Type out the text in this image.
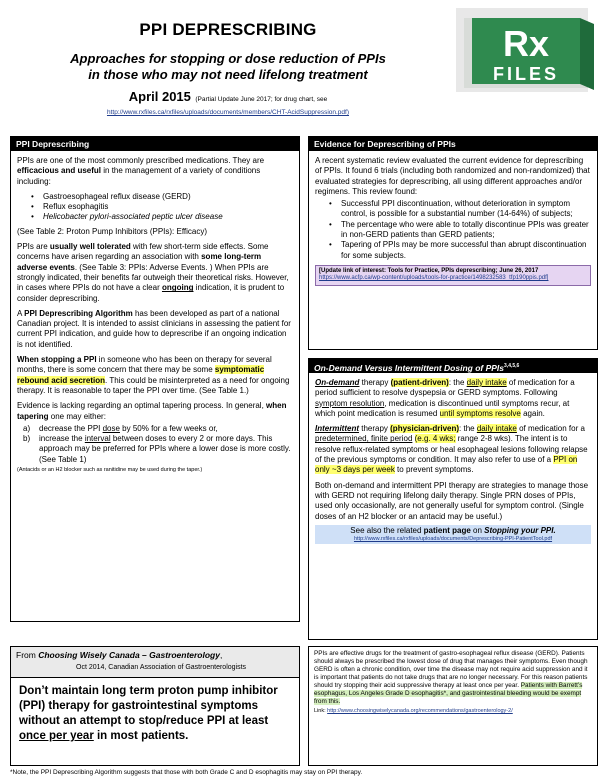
PPI DEPRESCRIBING
Approaches for stopping or dose reduction of PPIs
in those who may not need lifelong treatment
April 2015 (Partial Update June 2017; for drug chart, see
http://www.rxfiles.ca/rxfiles/uploads/documents/members/CHT-AcidSuppression.pdf)
Rx
FILES
PPI Deprescribing

PPIs are one of the most commonly prescribed medications. They are efficacious and useful in the management of a variety of conditions including:

• Gastroesophageal reflux disease (GERD)
• Reflux esophagitis
• Helicobacter pylori-associated peptic ulcer disease

(See Table 2: Proton Pump Inhibitors (PPIs): Efficacy)

PPIs are usually well tolerated with few short-term side effects. Some concerns have arisen regarding an association with some long-term adverse events. (See Table 3: PPIs: Adverse Events. ) When PPIs are strongly indicated, their benefits far outweigh their theoretical risks. However, in cases where PPIs do not have a clear ongoing indication, it is prudent to consider deprescribing.

A PPI Deprescribing Algorithm has been developed as part of a national Canadian project. It is intended to assist clinicians in assessing the patient for current PPI indication, and guide how to deprescribe if an ongoing indication is not identified.

When stopping a PPI in someone who has been on therapy for several months, there is some concern that there may be some symptomatic rebound acid secretion. This could be misinterpreted as a need for ongoing therapy. It is reasonable to taper the PPI over time. (See Table 1.)

Evidence is lacking regarding an optimal tapering process. In general, when tapering one may either:

a) decrease the PPI dose by 50% for a few weeks or,
b) increase the interval between doses to every 2 or more days. This approach may be preferred for PPIs where a lower dose is more costly. (See Table 1)
(Antacids or an H2 blocker such as ranitidine may be used during the taper.)
Evidence for Deprescribing of PPIs

A recent systematic review evaluated the current evidence for deprescribing of PPIs. It found 6 trials (including both randomized and non-randomized) that evaluated strategies for deprescribing, all using different approaches and/or regimens. This review found:

• Successful PPI discontinuation, without deterioration in symptom control, is possible for a substantial number (14-64%) of subjects;
• The percentage who were able to totally discontinue PPIs was greater in non-GERD patients than GERD patients;
• Tapering of PPIs may be more successful than abrupt discontinuation for some subjects.
[Update link of interest: Tools for Practice, PPIs deprescribing; June 26, 2017
https://www.acfp.ca/wp-content/uploads/tools-for-practice/1498232583_tfp190ppis.pdf]
On-Demand Versus Intermittent Dosing of PPIs$^{3,4,5,6}$

On-demand therapy (patient-driven): the daily intake of medication for a period sufficient to resolve dyspepsia or GERD symptoms. Following symptom resolution, medication is discontinued until symptoms recur, at which point medication is resumed until symptoms resolve again.

Intermittent therapy (physician-driven): the daily intake of medication for a predetermined, finite period (e.g. 4 wks; range 2-8 wks). The intent is to resolve reflux-related symptoms or heal esophageal lesions following relapse of the previous symptoms or condition. It may also refer to use of a PPI on only ~3 days per week to prevent symptoms.

Both on-demand and intermittent PPI therapy are strategies to manage those with GERD not requiring lifelong daily therapy. Single PRN doses of PPIs, used only occasionally, are not generally useful for symptom control. (Single doses of an H2 blocker or an antacid may be useful.)

See also the related patient page on Stopping your PPI.
http://www.rxfiles.ca/rxfiles/uploads/documents/Deprescribing-PPI-PatientTool.pdf
From Choosing Wisely Canada – Gastroenterology,
Oct 2014, Canadian Association of Gastroenterologists
Don’t maintain long term proton pump inhibitor (PPI) therapy for gastrointestinal symptoms without an attempt to stop/reduce PPI at least once per year in most patients.
PPIs are effective drugs for the treatment of gastro-esophageal reflux disease (GERD). Patients should always be prescribed the lowest dose of drug that manages their symptoms. Even though GERD is often a chronic condition, over time the disease may not require acid suppression and it is important that patients do not take drugs that are no longer necessary. For this reason patients should try stopping their acid suppressive therapy at least once per year. Patients with Barrett’s esophagus, Los Angeles Grade D esophagitis*, and gastrointestinal bleeding would be exempt from this.
Link: http://www.choosingwiselycanada.org/recommendations/gastroenterology-2/
*Note, the PPI Deprescribing Algorithm suggests that those with both Grade C and D esophagitis may stay on PPI therapy.
